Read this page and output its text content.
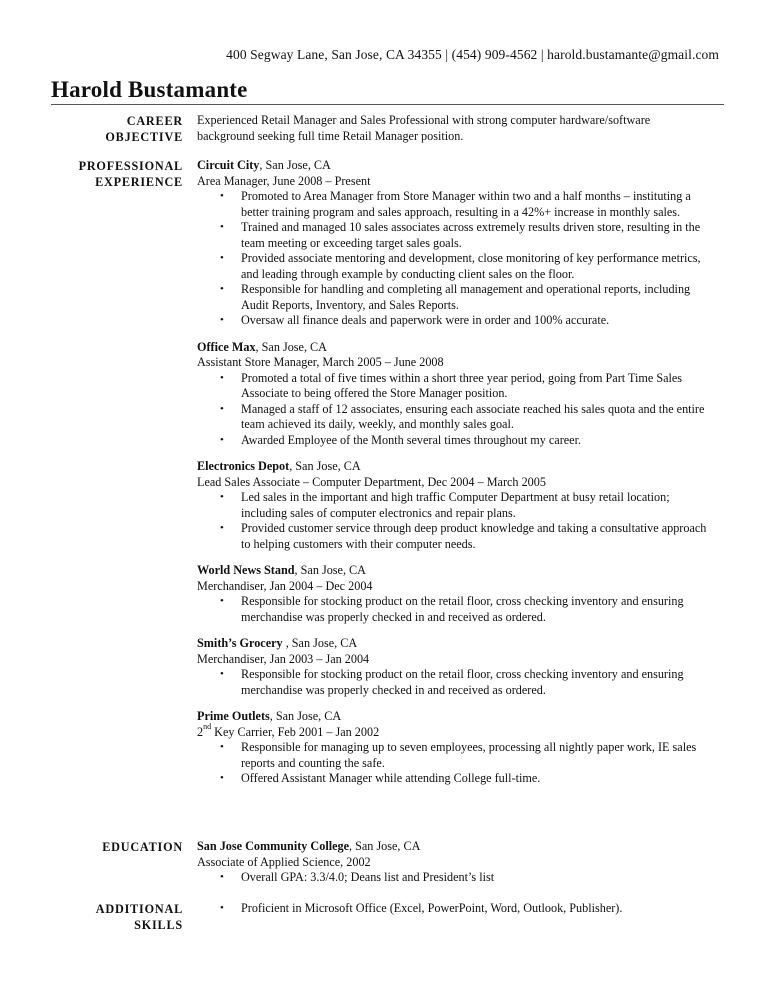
400 Segway Lane, San Jose, CA 34355 | (454) 909-4562 | harold.bustamante@gmail.com
Harold Bustamante
CAREER
OBJECTIVE
Experienced Retail Manager and Sales Professional with strong computer hardware/software background seeking full time Retail Manager position.
PROFESSIONAL
EXPERIENCE
Circuit City, San Jose, CA
Area Manager, June 2008 – Present
• Promoted to Area Manager from Store Manager within two and a half months – instituting a better training program and sales approach, resulting in a 42%+ increase in monthly sales.
• Trained and managed 10 sales associates across extremely results driven store, resulting in the team meeting or exceeding target sales goals.
• Provided associate mentoring and development, close monitoring of key performance metrics, and leading through example by conducting client sales on the floor.
• Responsible for handling and completing all management and operational reports, including Audit Reports, Inventory, and Sales Reports.
• Oversaw all finance deals and paperwork were in order and 100% accurate.
Office Max, San Jose, CA
Assistant Store Manager, March 2005 – June 2008
• Promoted a total of five times within a short three year period, going from Part Time Sales Associate to being offered the Store Manager position.
• Managed a staff of 12 associates, ensuring each associate reached his sales quota and the entire team achieved its daily, weekly, and monthly sales goal.
• Awarded Employee of the Month several times throughout my career.
Electronics Depot, San Jose, CA
Lead Sales Associate – Computer Department, Dec 2004 – March 2005
• Led sales in the important and high traffic Computer Department at busy retail location; including sales of computer electronics and repair plans.
• Provided customer service through deep product knowledge and taking a consultative approach to helping customers with their computer needs.
World News Stand, San Jose, CA
Merchandiser, Jan 2004 – Dec 2004
• Responsible for stocking product on the retail floor, cross checking inventory and ensuring merchandise was properly checked in and received as ordered.
Smith’s Grocery , San Jose, CA
Merchandiser, Jan 2003 – Jan 2004
• Responsible for stocking product on the retail floor, cross checking inventory and ensuring merchandise was properly checked in and received as ordered.
Prime Outlets, San Jose, CA
2nd Key Carrier, Feb 2001 – Jan 2002
• Responsible for managing up to seven employees, processing all nightly paper work, IE sales reports and counting the safe.
• Offered Assistant Manager while attending College full-time.
EDUCATION San Jose Community College, San Jose, CA
Associate of Applied Science, 2002
• Overall GPA: 3.3/4.0; Deans list and President’s list
ADDITIONAL
SKILLS
• Proficient in Microsoft Office (Excel, PowerPoint, Word, Outlook, Publisher).
